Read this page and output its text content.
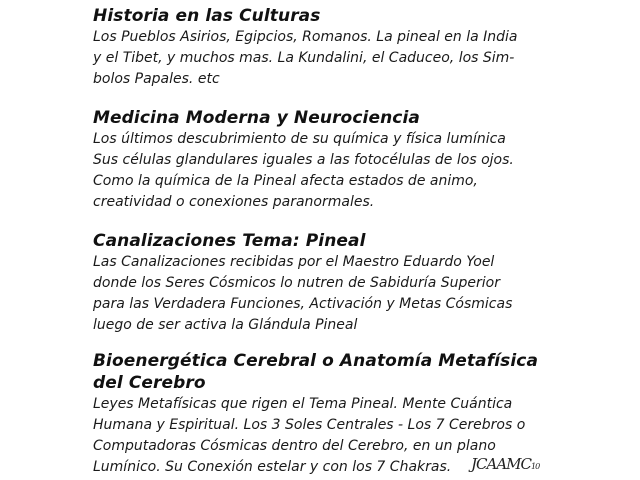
Historia en las Culturas

Los Pueblos Asirios, Egipcios, Romanos. La pineal en la India
y el Tibet, y muchos mas. La Kundalini, el Caduceo, los Sim-
bolos Papales. etc

Medicina Moderna y Neurociencia

Los últimos descubrimiento de su química y física lumínica
Sus células glandulares iguales a las fotocélulas de los ojos.
Como la química de la Pineal afecta estados de animo,
creatividad o conexiones paranormales.

Canalizaciones Tema: Pineal

Las Canalizaciones recibidas por el Maestro Eduardo Yoel
donde los Seres Cósmicos lo nutren de Sabiduría Superior
para las Verdadera Funciones, Activación y Metas Cósmicas
luego de ser activa la Glándula Pineal

Bioenergética Cerebral o Anatomía Metafísica
del Cerebro

Leyes Metafísicas que rigen el Tema Pineal. Mente Cuántica
Humana y Espiritual. Los 3 Soles Centrales - Los 7 Cerebros o
Computadoras Cósmicas dentro del Cerebro, en un plano
Lumínico. Su Conexión estelar y con los 7 Chakras.	JCAAMC10
